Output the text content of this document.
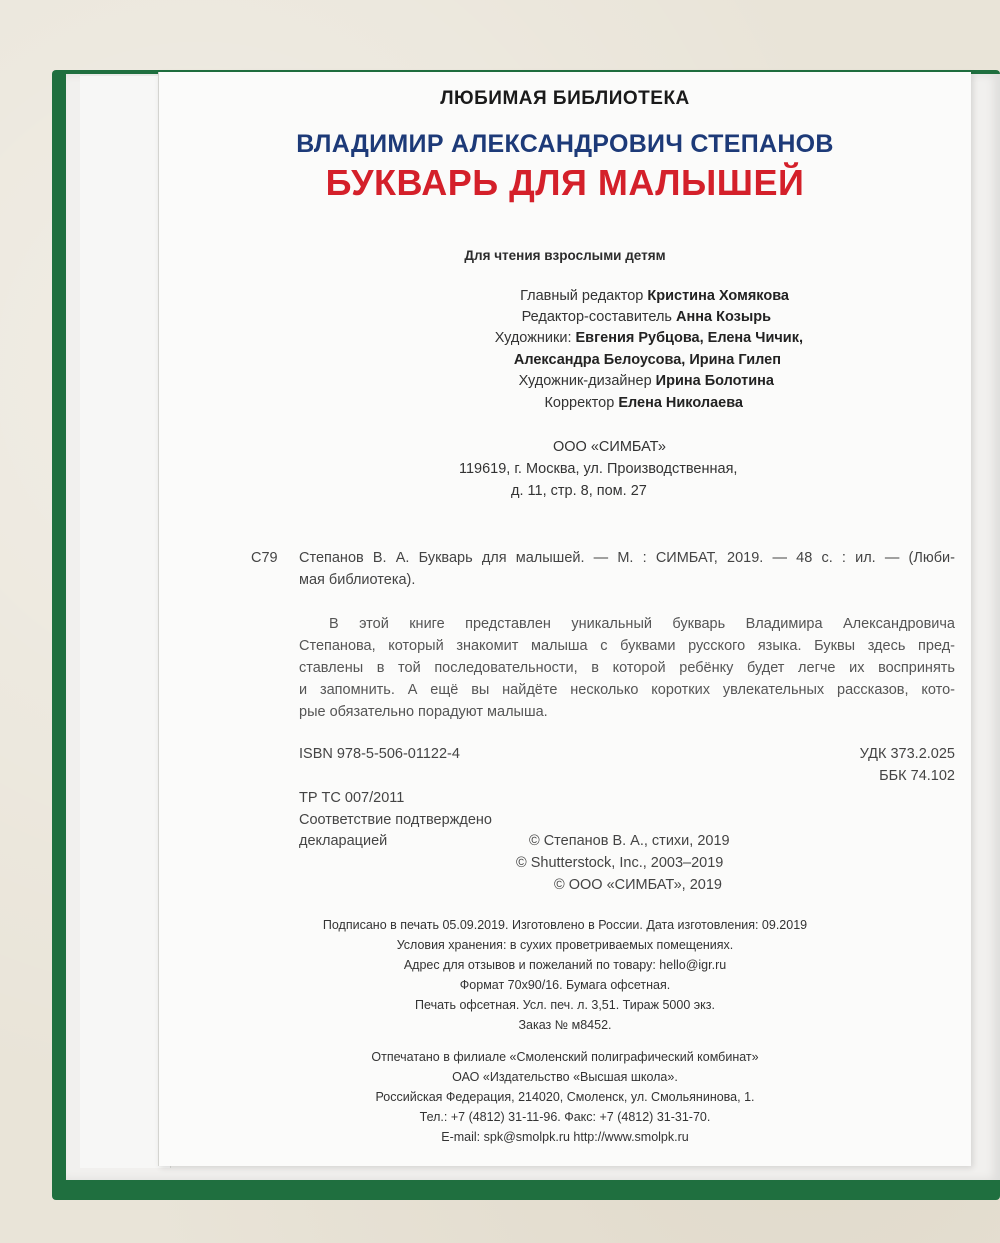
ЛЮБИМАЯ БИБЛИОТЕКА
ВЛАДИМИР АЛЕКСАНДРОВИЧ СТЕПАНОВ
БУКВАРЬ ДЛЯ МАЛЫШЕЙ
Для чтения взрослыми детям
Главный редактор Кристина Хомякова
Редактор-составитель Анна Козырь
Художники: Евгения Рубцова, Елена Чичик,
Александра Белоусова, Ирина Гилеп
Художник-дизайнер Ирина Болотина
Корректор Елена Николаева
ООО «СИМБАТ»
119619, г. Москва, ул. Производственная,
д. 11, стр. 8, пом. 27
С79 Степанов В. А. Букварь для малышей. — М. : СИМБАТ, 2019. — 48 с. : ил. — (Люби-
мая библиотека).
В этой книге представлен уникальный букварь Владимира Александровича
Степанова, который знакомит малыша с буквами русского языка. Буквы здесь пред-
ставлены в той последовательности, в которой ребёнку будет легче их воспринять
и запомнить. А ещё вы найдёте несколько коротких увлекательных рассказов, кото-
рые обязательно порадуют малыша.
ISBN 978-5-506-01122-4	УДК 373.2.025
ББК 74.102
ТР ТС 007/2011
Соответствие подтверждено
декларацией	© Степанов В. А., стихи, 2019
© Shutterstock, Inc., 2003–2019
© ООО «СИМБАТ», 2019
Подписано в печать 05.09.2019. Изготовлено в России. Дата изготовления: 09.2019
Условия хранения: в сухих проветриваемых помещениях.
Адрес для отзывов и пожеланий по товару: hello@igr.ru
Формат 70х90/16. Бумага офсетная.
Печать офсетная. Усл. печ. л. 3,51. Тираж 5000 экз.
Заказ № м8452.
Отпечатано в филиале «Смоленский полиграфический комбинат»
ОАО «Издательство «Высшая школа».
Российская Федерация, 214020, Смоленск, ул. Смольянинова, 1.
Тел.: +7 (4812) 31-11-96. Факс: +7 (4812) 31-31-70.
E-mail: spk@smolpk.ru http://www.smolpk.ru
